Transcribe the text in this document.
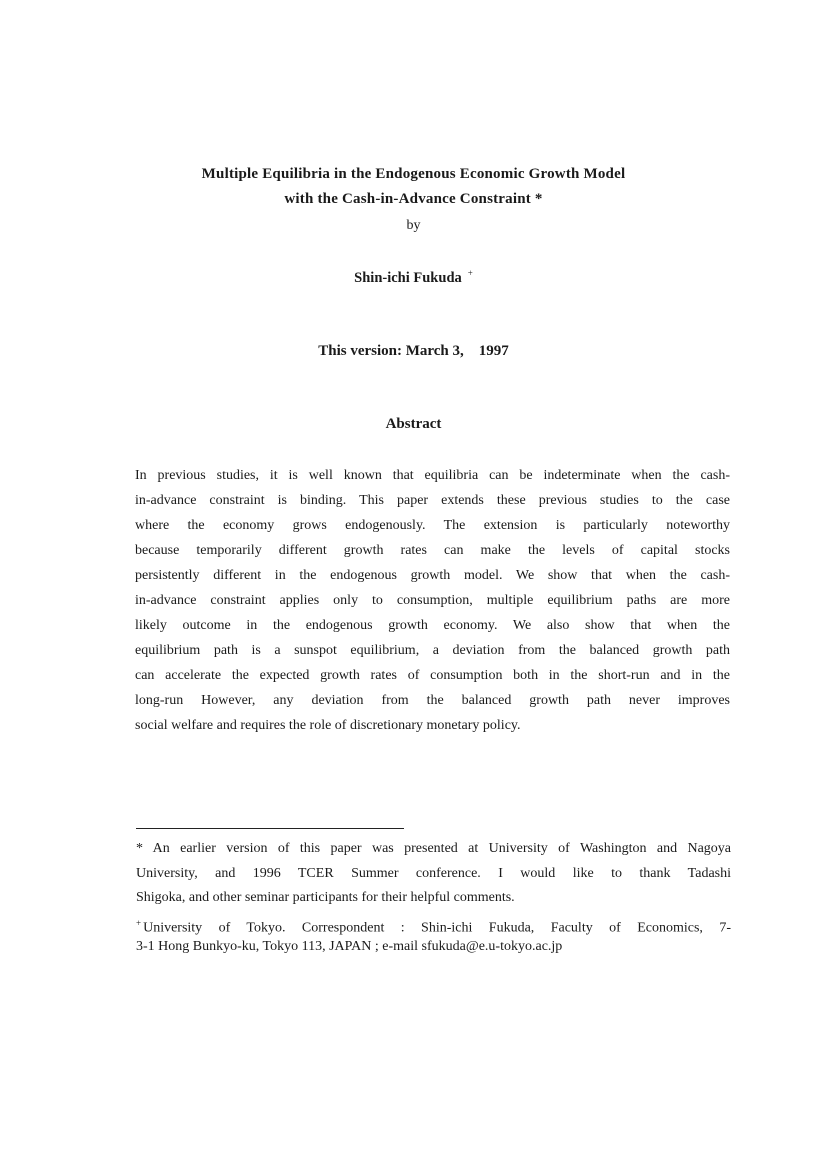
Multiple Equilibria in the Endogenous Economic Growth Model
with the Cash-in-Advance Constraint *
by
Shin-ichi Fukuda +
This version: March 3,    1997
Abstract
In previous studies, it is well known that equilibria can be indeterminate when the cash-
in-advance constraint is binding. This paper extends these previous studies to the case
where the economy grows endogenously. The extension is particularly noteworthy
because temporarily different growth rates can make the levels of capital stocks
persistently different in the endogenous growth model. We show that when the cash-
in-advance constraint applies only to consumption, multiple equilibrium paths are more
likely outcome in the endogenous growth economy. We also show that when the
equilibrium path is a sunspot equilibrium, a deviation from the balanced growth path
can accelerate the expected growth rates of consumption both in the short-run and in the
long-run However, any deviation from the balanced growth path never improves
social welfare and requires the role of discretionary monetary policy.
* An earlier version of this paper was presented at University of Washington and Nagoya
University, and 1996 TCER Summer conference. I would like to thank Tadashi
Shigoka, and other seminar participants for their helpful comments.
+ University of Tokyo. Correspondent : Shin-ichi Fukuda, Faculty of Economics, 7-
3-1 Hong Bunkyo-ku, Tokyo 113, JAPAN ; e-mail sfukuda@e.u-tokyo.ac.jp
